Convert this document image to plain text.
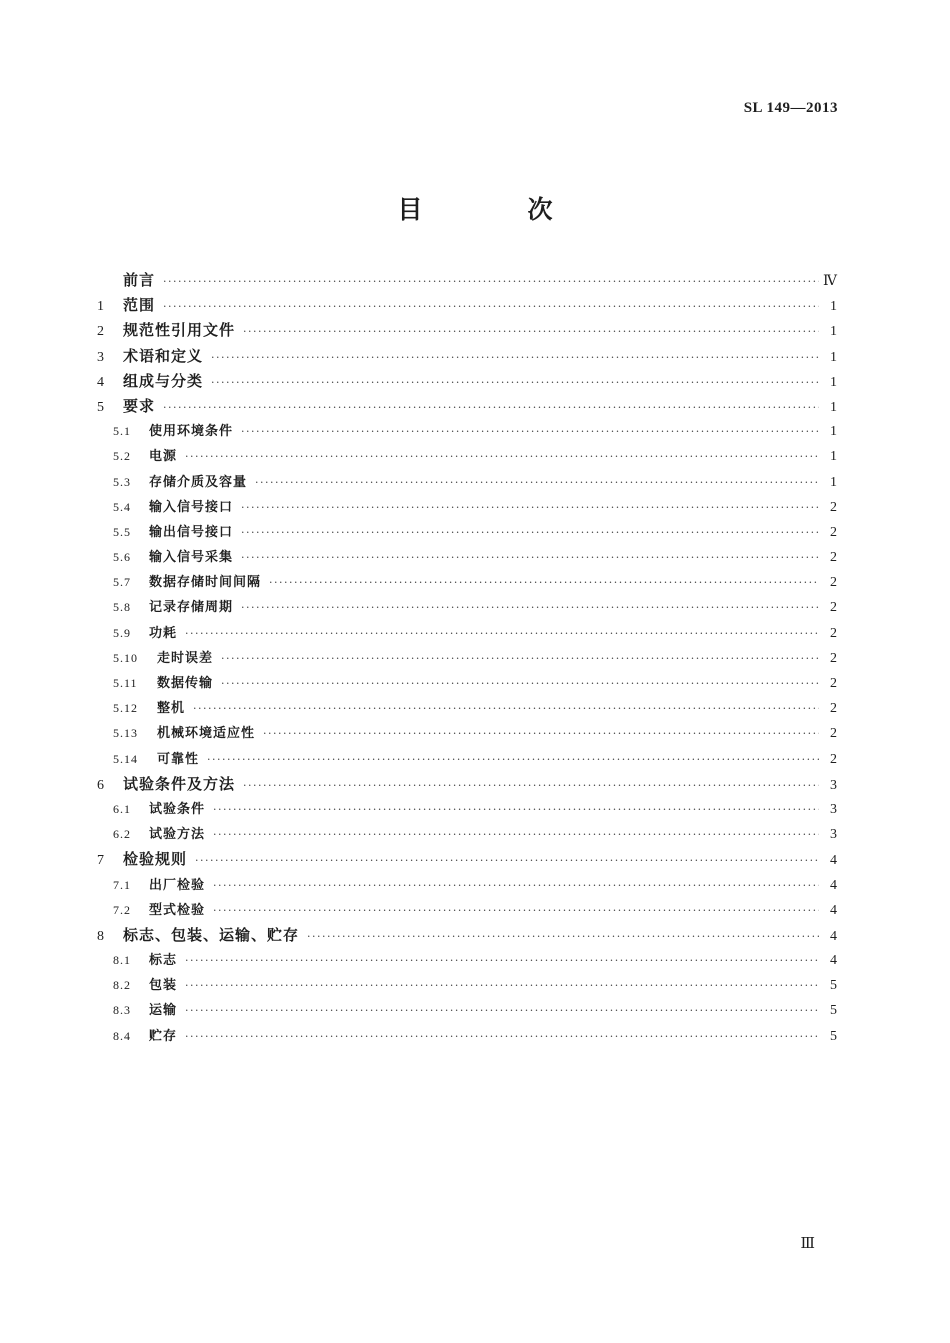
SL 149—2013
目　次
前言 ·····	Ⅳ
1	范围 ·····	1
2	规范性引用文件 ·····	1
3	术语和定义 ·····	1
4	组成与分类 ·····	1
5	要求 ·····	1
5.1	使用环境条件 ·····	1
5.2	电源 ·····	1
5.3	存储介质及容量 ·····	1
5.4	输入信号接口 ·····	2
5.5	输出信号接口 ·····	2
5.6	输入信号采集 ·····	2
5.7	数据存储时间间隔 ·····	2
5.8	记录存储周期 ·····	2
5.9	功耗 ·····	2
5.10	走时误差 ·····	2
5.11	数据传输 ·····	2
5.12	整机 ·····	2
5.13	机械环境适应性 ·····	2
5.14	可靠性 ·····	2
6	试验条件及方法 ·····	3
6.1	试验条件 ·····	3
6.2	试验方法 ·····	3
7	检验规则 ·····	4
7.1	出厂检验 ·····	4
7.2	型式检验 ·····	4
8	标志、包装、运输、贮存 ·····	4
8.1	标志 ·····	4
8.2	包装 ·····	5
8.3	运输 ·····	5
8.4	贮存 ·····	5
Ⅲ
